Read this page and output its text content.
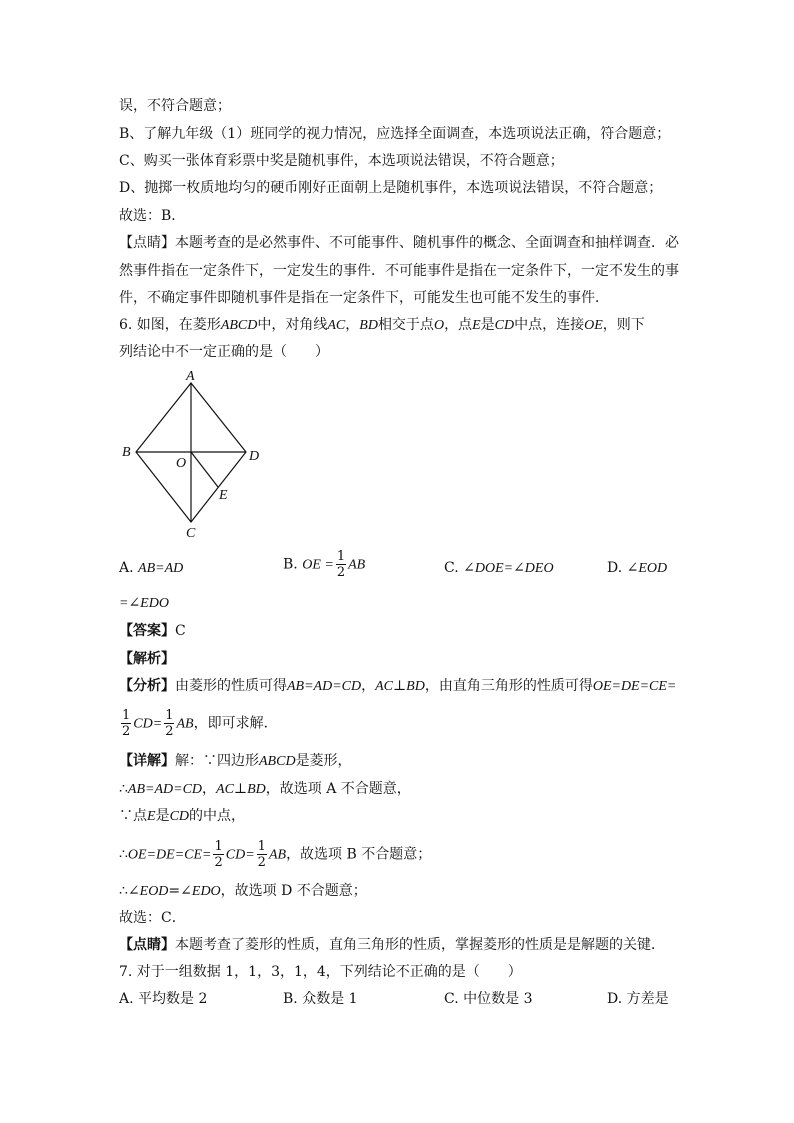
误，不符合题意；
B、了解九年级（1）班同学的视力情况，应选择全面调查，本选项说法正确，符合题意；
C、购买一张体育彩票中奖是随机事件，本选项说法错误，不符合题意；
D、抛掷一枚质地均匀的硬币刚好正面朝上是随机事件，本选项说法错误，不符合题意；
故选：B．
【点睛】本题考查的是必然事件、不可能事件、随机事件的概念、全面调查和抽样调查．必
然事件指在一定条件下，一定发生的事件．不可能事件是指在一定条件下，一定不发生的事
件，不确定事件即随机事件是指在一定条件下，可能发生也可能不发生的事件．
6. 如图，在菱形ABCD中，对角线AC，BD相交于点O，点E是CD中点，连接OE，则下
列结论中不一定正确的是（　　）
A
B	D
O
E
C
A. AB=AD	B. OE = $\frac{1}{2}$ AB	C. ∠DOE=∠DEO	D. ∠EOD
=∠EDO
【答案】C
【解析】
【分析】由菱形的性质可得AB=AD=CD，AC⊥BD，由直角三角形的性质可得OE=DE=CE=
$\frac{1}{2} CD= \frac{1}{2}$ AB，即可求解．
【详解】解：∵四边形ABCD是菱形，
∴AB=AD=CD，AC⊥BD，故选项 A 不合题意，
∵点E是CD的中点，
∴OE=DE=CE= $\frac{1}{2} CD= \frac{1}{2}$ AB，故选项 B 不合题意；
∴∠EOD=∠EDO，故选项 D 不合题意；
故选：C．
【点睛】本题考查了菱形的性质，直角三角形的性质，掌握菱形的性质是是解题的关键．
7. 对于一组数据 1，1，3，1，4，下列结论不正确的是（　　）
A. 平均数是 2	B. 众数是 1	C. 中位数是 3	D. 方差是
